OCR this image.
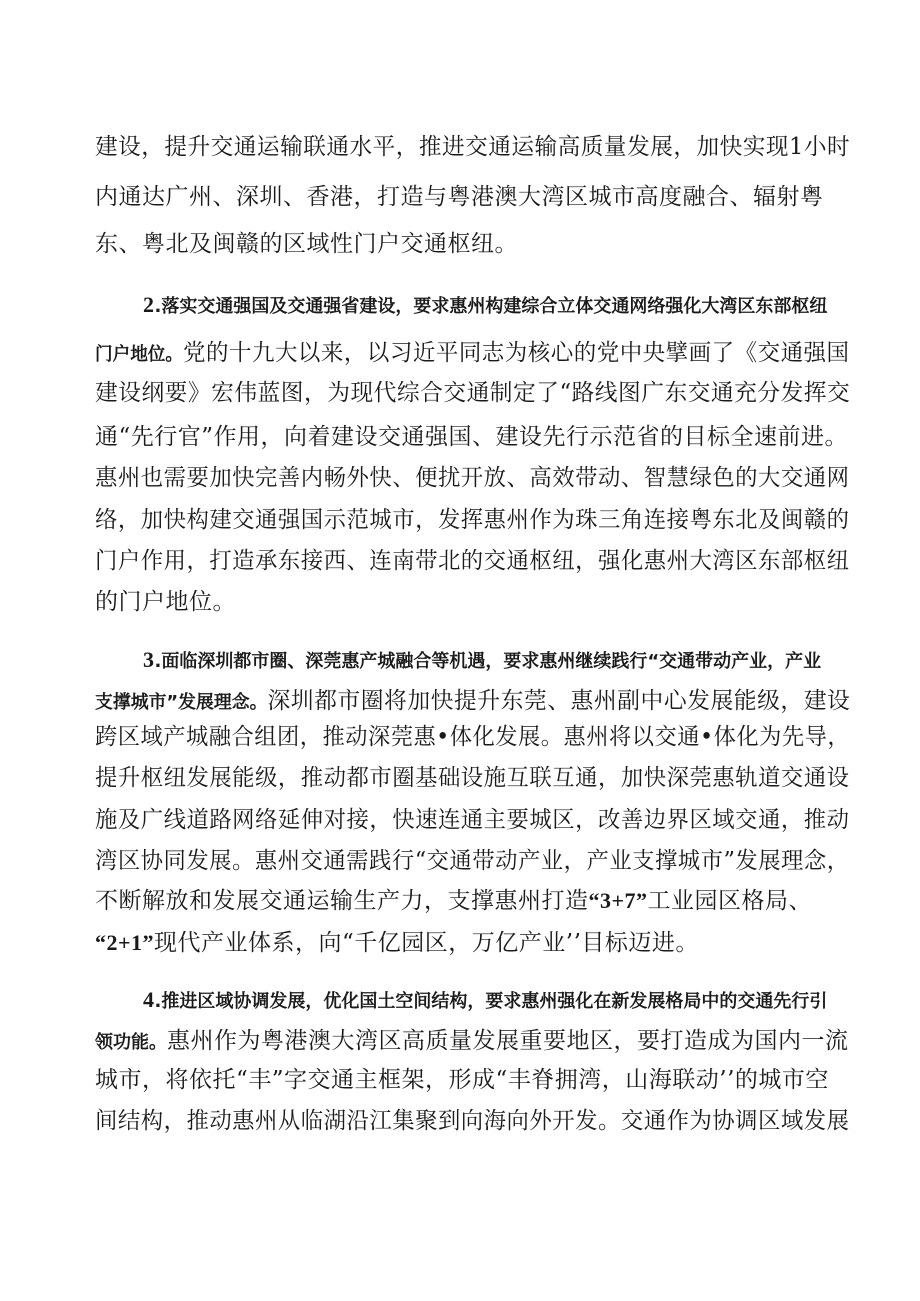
建设，提升交通运输联通水平，推进交通运输高质量发展，加快实现1小时
内通达广州、深圳、香港，打造与粤港澳大湾区城市高度融合、辐射粤
东、粤北及闽赣的区域性门户交通枢纽。
2.落实交通强国及交通强省建设，要求惠州构建综合立体交通网络强化大湾区东部枢纽
门户地位。党的十九大以来，以习近平同志为核心的党中央擘画了《交通强国
建设纲要》宏伟蓝图，为现代综合交通制定了“路线图广东交通充分发挥交
通“先行官”作用，向着建设交通强国、建设先行示范省的目标全速前进。
惠州也需要加快完善内畅外快、便扰开放、高效带动、智慧绿色的大交通网
络，加快构建交通强国示范城市，发挥惠州作为珠三角连接粤东北及闽赣的
门户作用，打造承东接西、连南带北的交通枢纽，强化惠州大湾区东部枢纽
的门户地位。
3.面临深圳都市圈、深莞惠产城融合等机遇，要求惠州继续践行“交通带动产业，产业
支撑城市”发展理念。深圳都市圈将加快提升东莞、惠州副中心发展能级，建设
跨区域产城融合组团，推动深莞惠•体化发展。惠州将以交通•体化为先导，
提升枢纽发展能级，推动都市圈基础设施互联互通，加快深莞惠轨道交通设
施及广线道路网络延伸对接，快速连通主要城区，改善边界区域交通，推动
湾区协同发展。惠州交通需践行“交通带动产业，产业支撑城市”发展理念，
不断解放和发展交通运输生产力，支撑惠州打造“3+7”工业园区格局、
“2+1”现代产业体系，向“千亿园区，万亿产业’’目标迈进。
4.推进区域协调发展，优化国土空间结构，要求惠州强化在新发展格局中的交通先行引
领功能。惠州作为粤港澳大湾区高质量发展重要地区，要打造成为国内一流
城市，将依托“丰”字交通主框架，形成“丰脊拥湾，山海联动’’的城市空
间结构，推动惠州从临湖沿江集聚到向海向外开发。交通作为协调区域发展
